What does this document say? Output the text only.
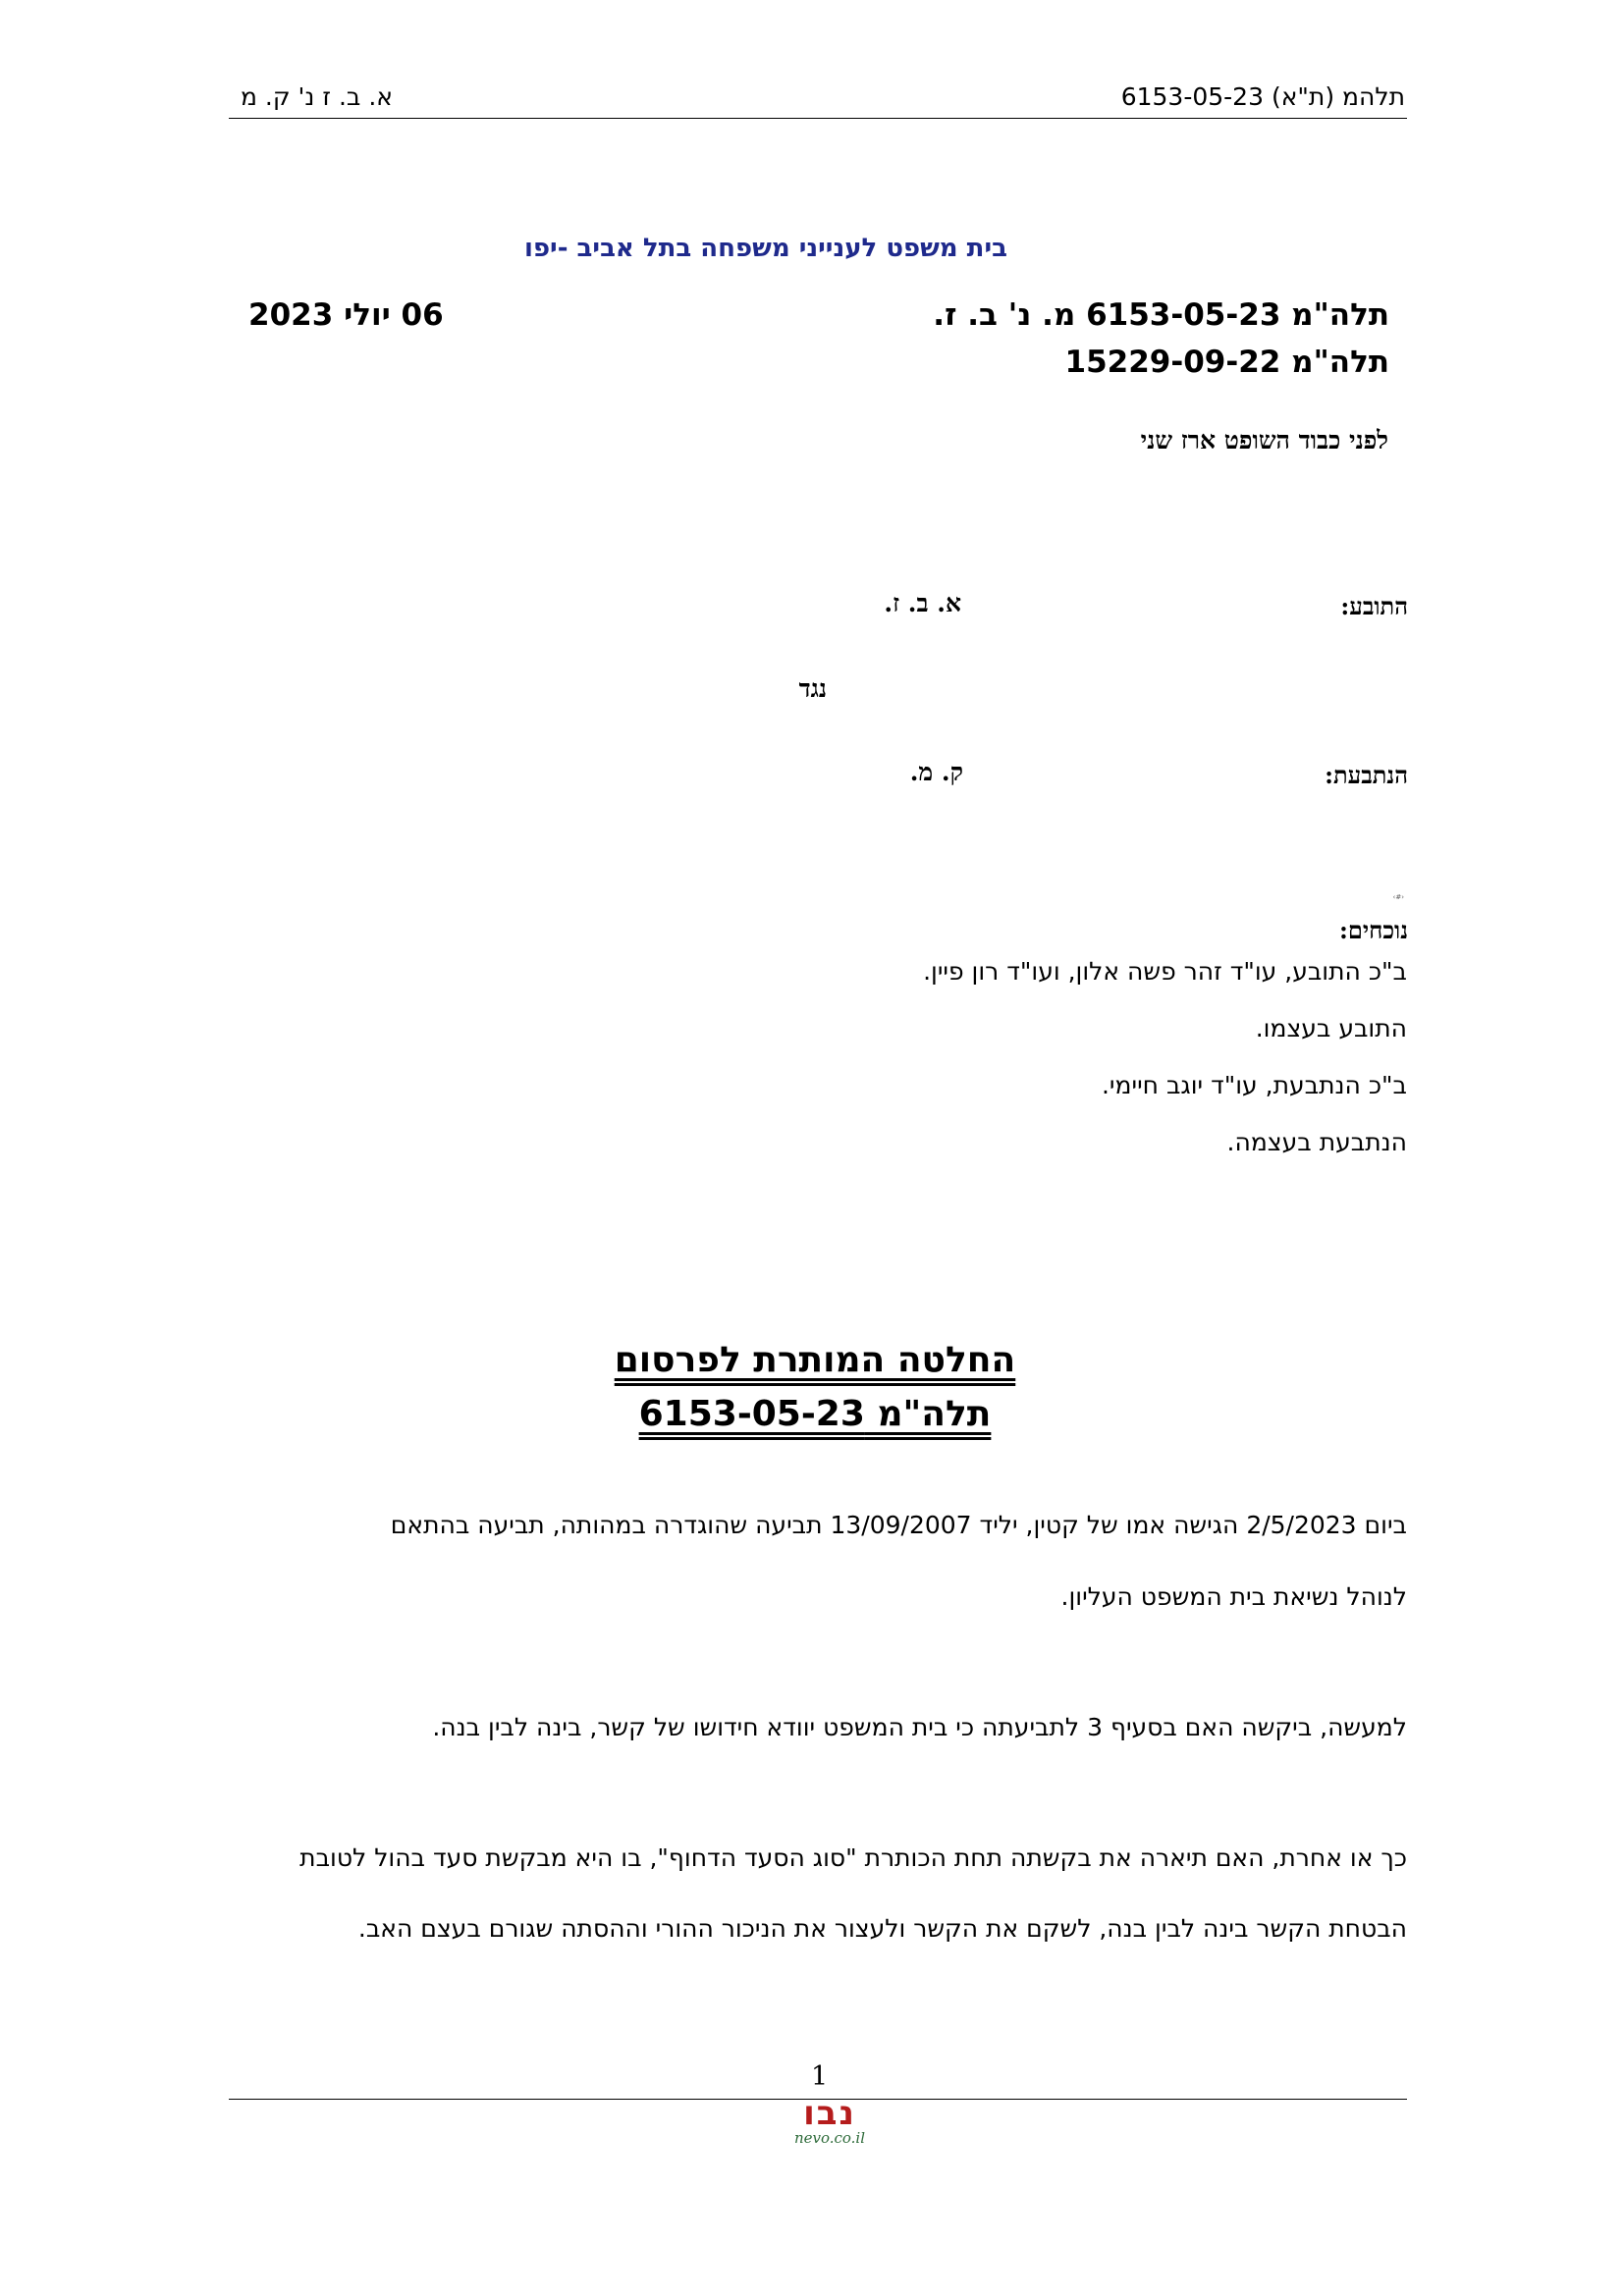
א. ב. ז נ' ק. מ	תלהמ (ת"א) 6153-05-23
בית משפט לענייני משפחה בתל אביב -יפו
תלה"מ 6153-05-23 מ. נ' ב. ז.
תלה"מ 15229-09-22
06 יולי 2023
לפני כבוד השופט ארז שני
התובע:
א. ב. ז.
נגד
הנתבעת:
ק. מ.
‹#›
נוכחים:
ב"כ התובע, עו"ד זהר פשה אלון, ועו"ד רון פיין.
התובע בעצמו.
ב"כ הנתבעת, עו"ד יוגב חיימי.
הנתבעת בעצמה.
החלטה המותרת לפרסום
תלה"מ 6153-05-23
ביום 2/5/2023 הגישה אמו של קטין, יליד 13/09/2007 תביעה שהוגדרה במהותה, תביעה בהתאם
לנוהל נשיאת בית המשפט העליון.
למעשה, ביקשה האם בסעיף 3 לתביעתה כי בית המשפט יוודא חידושו של קשר, בינה לבין בנה.
כך או אחרת, האם תיארה את בקשתה תחת הכותרת "סוג הסעד הדחוף", בו היא מבקשת סעד בהול לטובת
הבטחת הקשר בינה לבין בנה, לשקם את הקשר ולעצור את הניכור ההורי וההסתה שגורם בעצם האב.
1
נבו
nevo.co.il
